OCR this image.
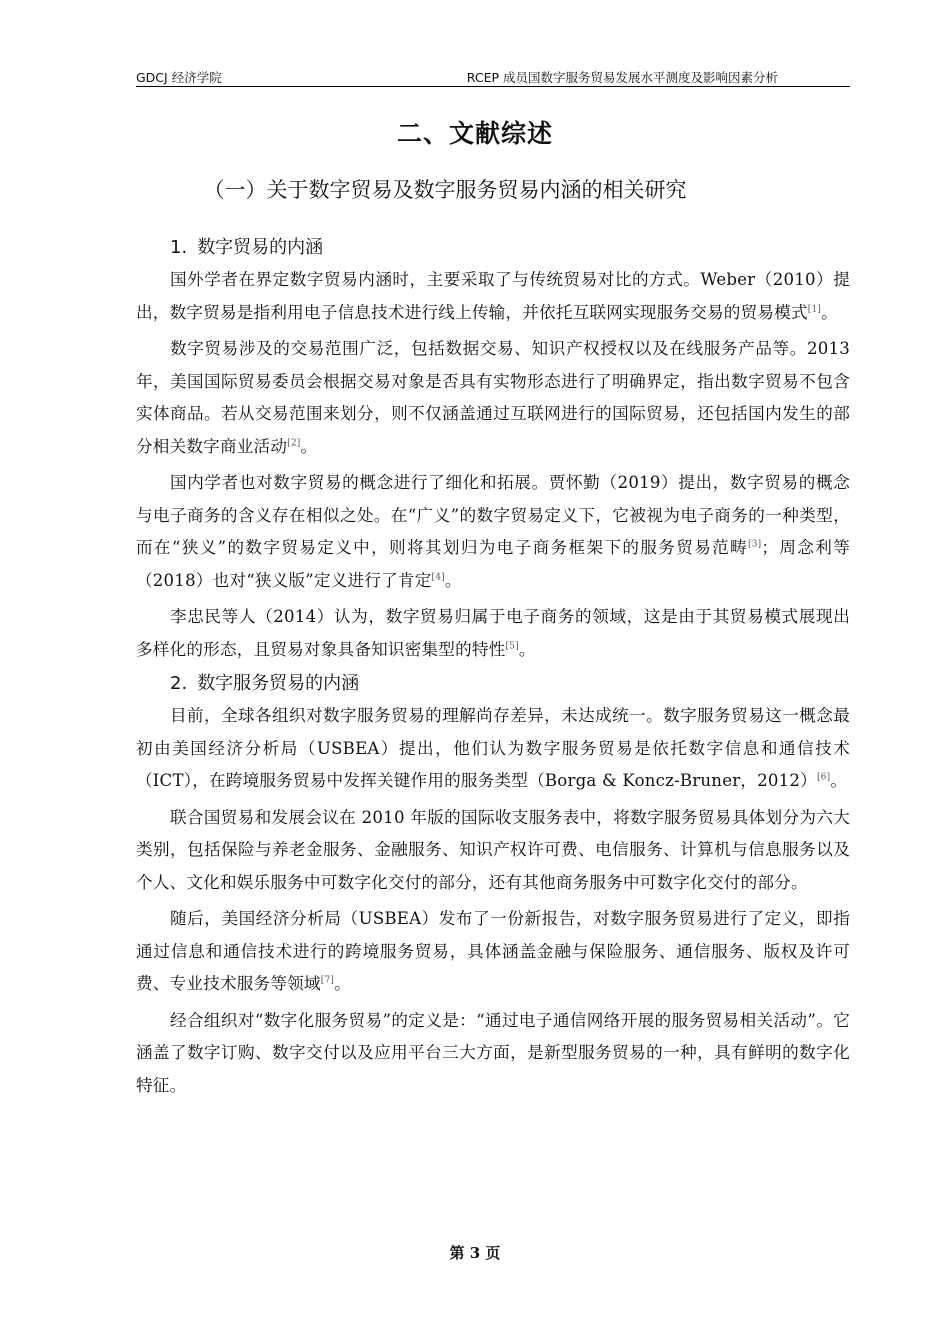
GDCJ 经济学院	RCEP 成员国数字服务贸易发展水平测度及影响因素分析
二、文献综述
（一）关于数字贸易及数字服务贸易内涵的相关研究
1. 数字贸易的内涵

国外学者在界定数字贸易内涵时，主要采取了与传统贸易对比的方式。Weber（2010）提出，数字贸易是指利用电子信息技术进行线上传输，并依托互联网实现服务交易的贸易模式[1]。

数字贸易涉及的交易范围广泛，包括数据交易、知识产权授权以及在线服务产品等。2013 年，美国国际贸易委员会根据交易对象是否具有实物形态进行了明确界定，指出数字贸易不包含实体商品。若从交易范围来划分，则不仅涵盖通过互联网进行的国际贸易，还包括国内发生的部分相关数字商业活动[2]。

国内学者也对数字贸易的概念进行了细化和拓展。贾怀勤（2019）提出，数字贸易的概念与电子商务的含义存在相似之处。在“广义”的数字贸易定义下，它被视为电子商务的一种类型，而在“狭义”的数字贸易定义中，则将其划归为电子商务框架下的服务贸易范畴[3]；周念利等（2018）也对“狭义版”定义进行了肯定[4]。

李忠民等人（2014）认为，数字贸易归属于电子商务的领域，这是由于其贸易模式展现出多样化的形态，且贸易对象具备知识密集型的特性[5]。

2. 数字服务贸易的内涵

目前，全球各组织对数字服务贸易的理解尚存差异，未达成统一。数字服务贸易这一概念最初由美国经济分析局（USBEA）提出，他们认为数字服务贸易是依托数字信息和通信技术（ICT），在跨境服务贸易中发挥关键作用的服务类型（Borga & Koncz-Bruner，2012）[6]。

联合国贸易和发展会议在 2010 年版的国际收支服务表中，将数字服务贸易具体划分为六大类别，包括保险与养老金服务、金融服务、知识产权许可费、电信服务、计算机与信息服务以及个人、文化和娱乐服务中可数字化交付的部分，还有其他商务服务中可数字化交付的部分。

随后，美国经济分析局（USBEA）发布了一份新报告，对数字服务贸易进行了定义，即指通过信息和通信技术进行的跨境服务贸易，具体涵盖金融与保险服务、通信服务、版权及许可费、专业技术服务等领域[7]。

经合组织对“数字化服务贸易”的定义是：“通过电子通信网络开展的服务贸易相关活动”。它涵盖了数字订购、数字交付以及应用平台三大方面，是新型服务贸易的一种，具有鲜明的数字化特征。

第 3 页
